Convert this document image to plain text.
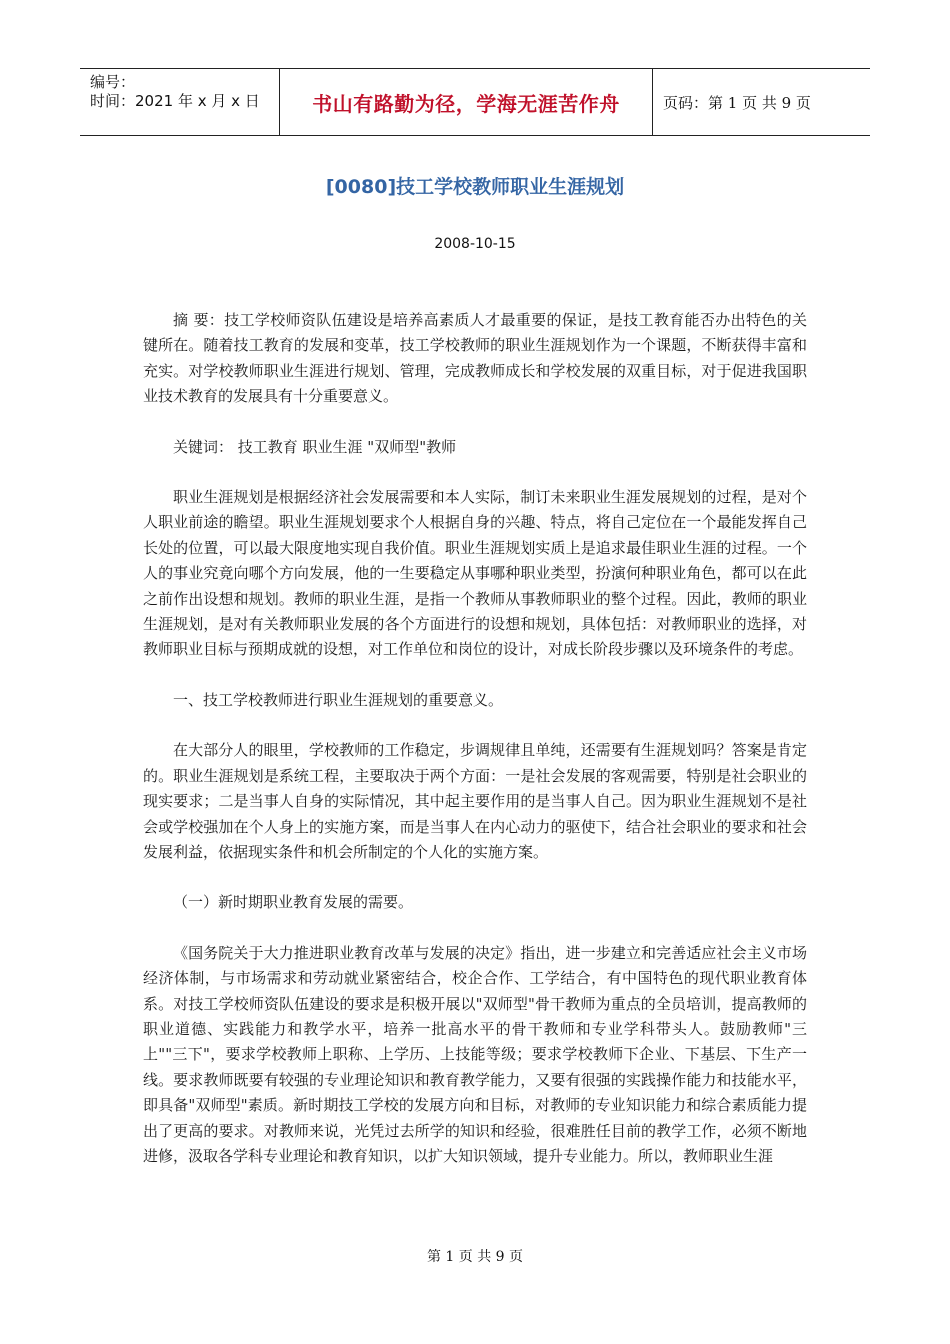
编号：
时间：2021 年 x 月 x 日	书山有路勤为径，学海无涯苦作舟	页码：第 1 页 共 9 页
[0080]技工学校教师职业生涯规划
2008-10-15

摘 要：技工学校师资队伍建设是培养高素质人才最重要的保证，是技工教育能否办出特色的关键所在。随着技工教育的发展和变革，技工学校教师的职业生涯规划作为一个课题，不断获得丰富和充实。对学校教师职业生涯进行规划、管理，完成教师成长和学校发展的双重目标，对于促进我国职业技术教育的发展具有十分重要意义。

关键词： 技工教育 职业生涯 "双师型"教师

职业生涯规划是根据经济社会发展需要和本人实际，制订未来职业生涯发展规划的过程，是对个人职业前途的瞻望。职业生涯规划要求个人根据自身的兴趣、特点，将自己定位在一个最能发挥自己长处的位置，可以最大限度地实现自我价值。职业生涯规划实质上是追求最佳职业生涯的过程。一个人的事业究竟向哪个方向发展，他的一生要稳定从事哪种职业类型，扮演何种职业角色，都可以在此之前作出设想和规划。教师的职业生涯，是指一个教师从事教师职业的整个过程。因此，教师的职业生涯规划，是对有关教师职业发展的各个方面进行的设想和规划，具体包括：对教师职业的选择，对教师职业目标与预期成就的设想，对工作单位和岗位的设计，对成长阶段步骤以及环境条件的考虑。

一、技工学校教师进行职业生涯规划的重要意义。

在大部分人的眼里，学校教师的工作稳定，步调规律且单纯，还需要有生涯规划吗？答案是肯定的。职业生涯规划是系统工程，主要取决于两个方面：一是社会发展的客观需要，特别是社会职业的现实要求；二是当事人自身的实际情况，其中起主要作用的是当事人自己。因为职业生涯规划不是社会或学校强加在个人身上的实施方案，而是当事人在内心动力的驱使下，结合社会职业的要求和社会发展利益，依据现实条件和机会所制定的个人化的实施方案。

（一）新时期职业教育发展的需要。

《国务院关于大力推进职业教育改革与发展的决定》指出，进一步建立和完善适应社会主义市场经济体制，与市场需求和劳动就业紧密结合，校企合作、工学结合，有中国特色的现代职业教育体系。对技工学校师资队伍建设的要求是积极开展以"双师型"骨干教师为重点的全员培训，提高教师的职业道德、实践能力和教学水平，培养一批高水平的骨干教师和专业学科带头人。鼓励教师"三上""三下"，要求学校教师上职称、上学历、上技能等级；要求学校教师下企业、下基层、下生产一线。要求教师既要有较强的专业理论知识和教育教学能力，又要有很强的实践操作能力和技能水平，即具备"双师型"素质。新时期技工学校的发展方向和目标，对教师的专业知识能力和综合素质能力提出了更高的要求。对教师来说，光凭过去所学的知识和经验，很难胜任目前的教学工作，必须不断地进修，汲取各学科专业理论和教育知识，以扩大知识领域，提升专业能力。所以，教师职业生涯

第 1 页 共 9 页
